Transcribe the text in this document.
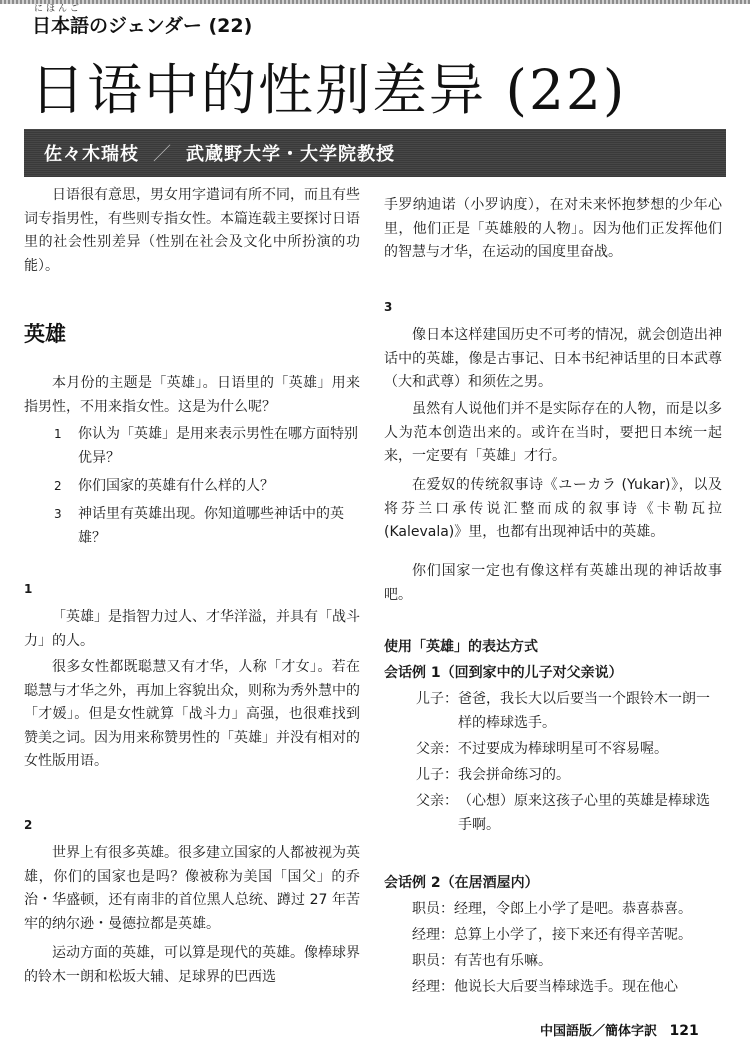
にほんご
日本語のジェンダー (22)
日语中的性别差异 (22)
佐々木瑞枝 ／ 武蔵野大学・大学院教授

日语很有意思，男女用字遣词有所不同，而且有些词专指男性，有些则专指女性。本篇连载主要探讨日语里的社会性别差异（性别在社会及文化中所扮演的功能）。

英雄

本月份的主题是「英雄」。日语里的「英雄」用来指男性，不用来指女性。这是为什么呢？

1 你认为「英雄」是用来表示男性在哪方面特别优异？
2 你们国家的英雄有什么样的人？
3 神话里有英雄出现。你知道哪些神话中的英雄？
1

「英雄」是指智力过人、才华洋溢，并具有「战斗力」的人。

很多女性都既聪慧又有才华，人称「才女」。若在聪慧与才华之外，再加上容貌出众，则称为秀外慧中的「才媛」。但是女性就算「战斗力」高强，也很难找到赞美之词。因为用来称赞男性的「英雄」并没有相对的女性版用语。

2

世界上有很多英雄。很多建立国家的人都被视为英雄，你们的国家也是吗？像被称为美国「国父」的乔治・华盛顿，还有南非的首位黑人总统、蹲过 27 年苦牢的纳尔逊・曼德拉都是英雄。

运动方面的英雄，可以算是现代的英雄。像棒球界的铃木一朗和松坂大辅、足球界的巴西选

手罗纳迪诺（小罗讷度），在对未来怀抱梦想的少年心里，他们正是「英雄般的人物」。因为他们正发挥他们的智慧与才华，在运动的国度里奋战。

3

像日本这样建国历史不可考的情况，就会创造出神话中的英雄，像是古事记、日本书纪神话里的日本武尊（大和武尊）和须佐之男。

虽然有人说他们并不是实际存在的人物，而是以多人为范本创造出来的。或许在当时，要把日本统一起来，一定要有「英雄」才行。

在爱奴的传统叙事诗《ユーカラ (Yukar)》，以及将芬兰口承传说汇整而成的叙事诗《卡勒瓦拉 (Kalevala)》里，也都有出现神话中的英雄。

你们国家一定也有像这样有英雄出现的神话故事吧。

使用「英雄」的表达方式
会话例 1（回到家中的儿子对父亲说）
儿子： 爸爸，我长大以后要当一个跟铃木一朗一样的棒球选手。
父亲： 不过要成为棒球明星可不容易喔。
儿子： 我会拼命练习的。
父亲： （心想）原来这孩子心里的英雄是棒球选手啊。
会话例 2（在居酒屋内）
职员： 经理，令郎上小学了是吧。恭喜恭喜。
经理： 总算上小学了，接下来还有得辛苦呢。
职员： 有苦也有乐嘛。
经理： 他说长大后要当棒球选手。现在他心
中国語版／簡体字訳 121
